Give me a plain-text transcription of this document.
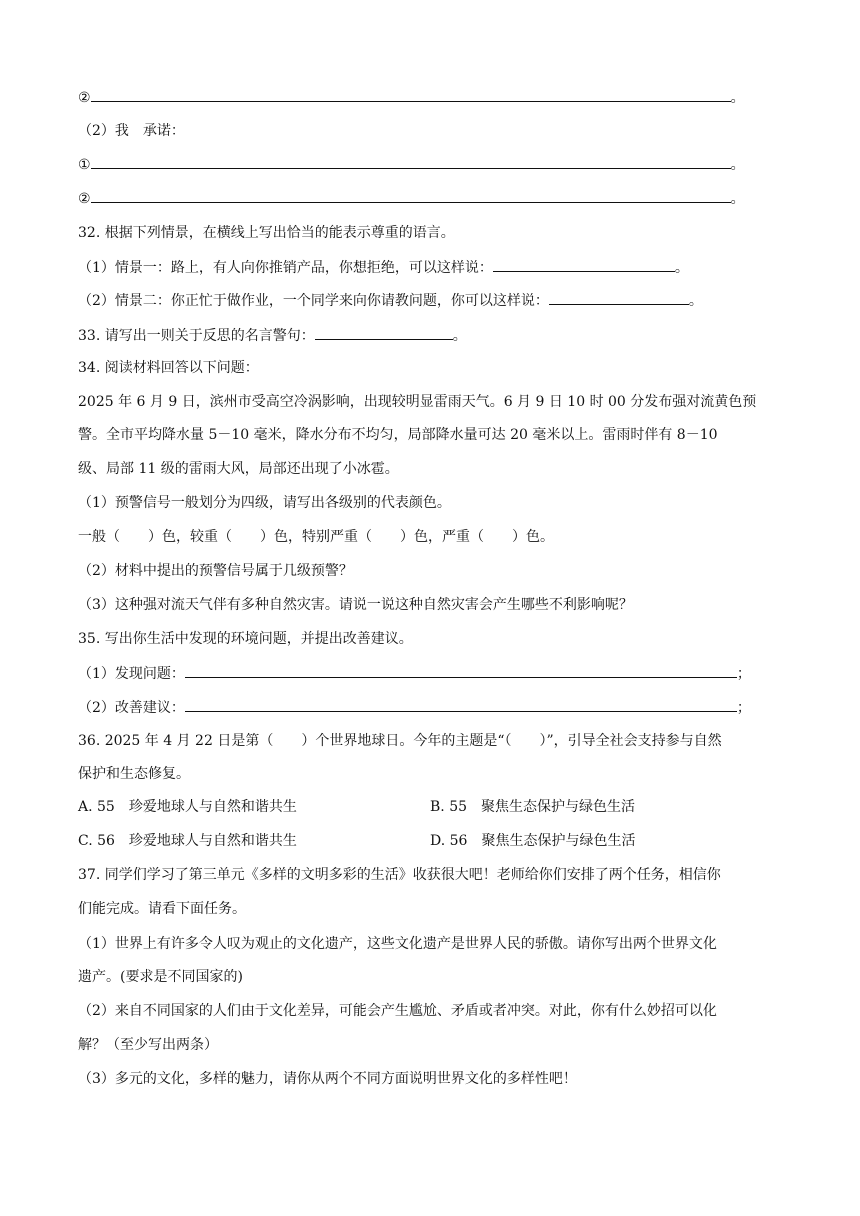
②	。
（2）我　承诺：
①	。
②	。
32. 根据下列情景，在横线上写出恰当的能表示尊重的语言。
（1）情景一：路上，有人向你推销产品，你想拒绝，可以这样说：	。
（2）情景二：你正忙于做作业，一个同学来向你请教问题，你可以这样说：	。
33. 请写出一则关于反思的名言警句：	。
34. 阅读材料回答以下问题：
2025 年 6 月 9 日，滨州市受高空冷涡影响，出现较明显雷雨天气。6 月 9 日 10 时 00 分发布强对流黄色预
警。全市平均降水量 5－10 毫米，降水分布不均匀，局部降水量可达 20 毫米以上。雷雨时伴有 8－10
级、局部 11 级的雷雨大风，局部还出现了小冰雹。
（1）预警信号一般划分为四级，请写出各级别的代表颜色。
一般（　　）色，较重（　　）色，特别严重（　　）色，严重（　　）色。
（2）材料中提出的预警信号属于几级预警？
（3）这种强对流天气伴有多种自然灾害。请说一说这种自然灾害会产生哪些不利影响呢？
35. 写出你生活中发现的环境问题，并提出改善建议。
（1）发现问题：	；
（2）改善建议：	；
36. 2025 年 4 月 22 日是第（　　）个世界地球日。今年的主题是“（　　）”，引导全社会支持参与自然
保护和生态修复。
A. 55　珍爱地球人与自然和谐共生	B. 55　聚焦生态保护与绿色生活
C. 56　珍爱地球人与自然和谐共生	D. 56　聚焦生态保护与绿色生活
37. 同学们学习了第三单元《多样的文明多彩的生活》收获很大吧！老师给你们安排了两个任务，相信你
们能完成。请看下面任务。
（1）世界上有许多令人叹为观止的文化遗产，这些文化遗产是世界人民的骄傲。请你写出两个世界文化
遗产。(要求是不同国家的)
（2）来自不同国家的人们由于文化差异，可能会产生尴尬、矛盾或者冲突。对此，你有什么妙招可以化
解？（至少写出两条）
（3）多元的文化，多样的魅力，请你从两个不同方面说明世界文化的多样性吧！
